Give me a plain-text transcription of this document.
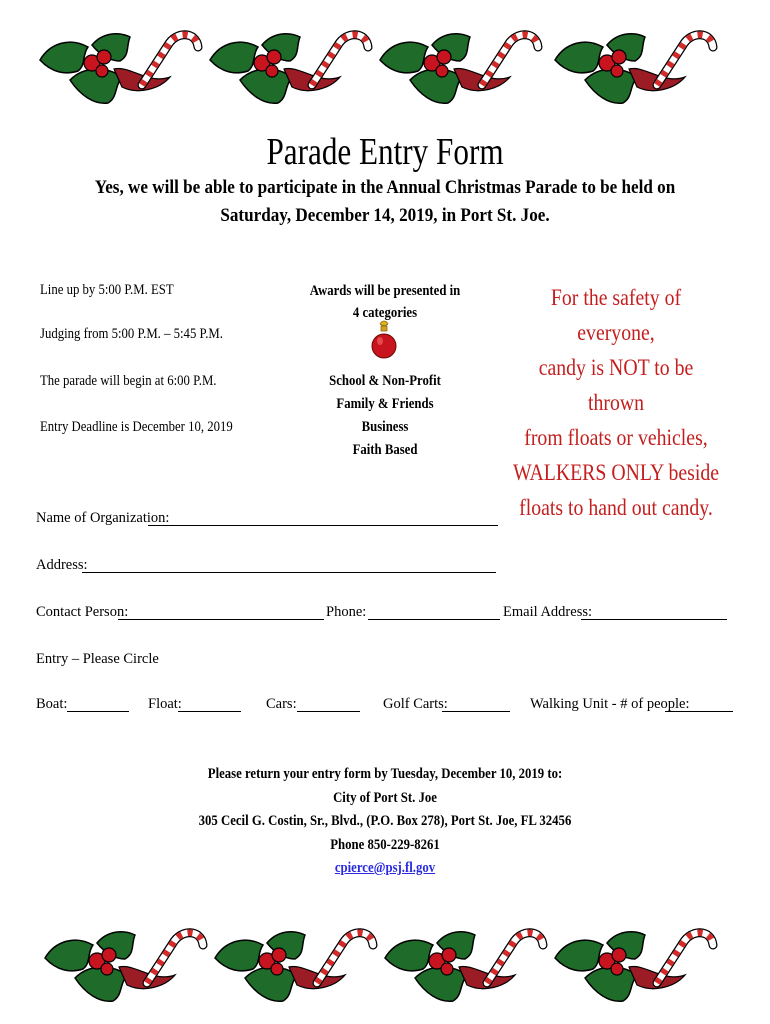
Parade Entry Form
Yes, we will be able to participate in the Annual Christmas Parade to be held on
Saturday, December 14, 2019, in Port St. Joe.
Line up by 5:00 P.M. EST
Judging from 5:00 P.M. – 5:45 P.M.
The parade will begin at 6:00 P.M.
Entry Deadline is December 10, 2019
Awards will be presented in
4 categories
School & Non-Profit
Family & Friends
Business
Faith Based
For the safety of everyone,
candy is NOT to be thrown
from floats or vehicles,
WALKERS ONLY beside
floats to hand out candy.
Name of Organization:
Address:
Contact Person:	Phone:	Email Address:
Entry – Please Circle
Boat:	Float:	Cars:	Golf Carts:	Walking Unit - # of people:
Please return your entry form by Tuesday, December 10, 2019 to:
City of Port St. Joe
305 Cecil G. Costin, Sr., Blvd., (P.O. Box 278), Port St. Joe, FL 32456
Phone 850-229-8261
cpierce@psj.fl.gov
